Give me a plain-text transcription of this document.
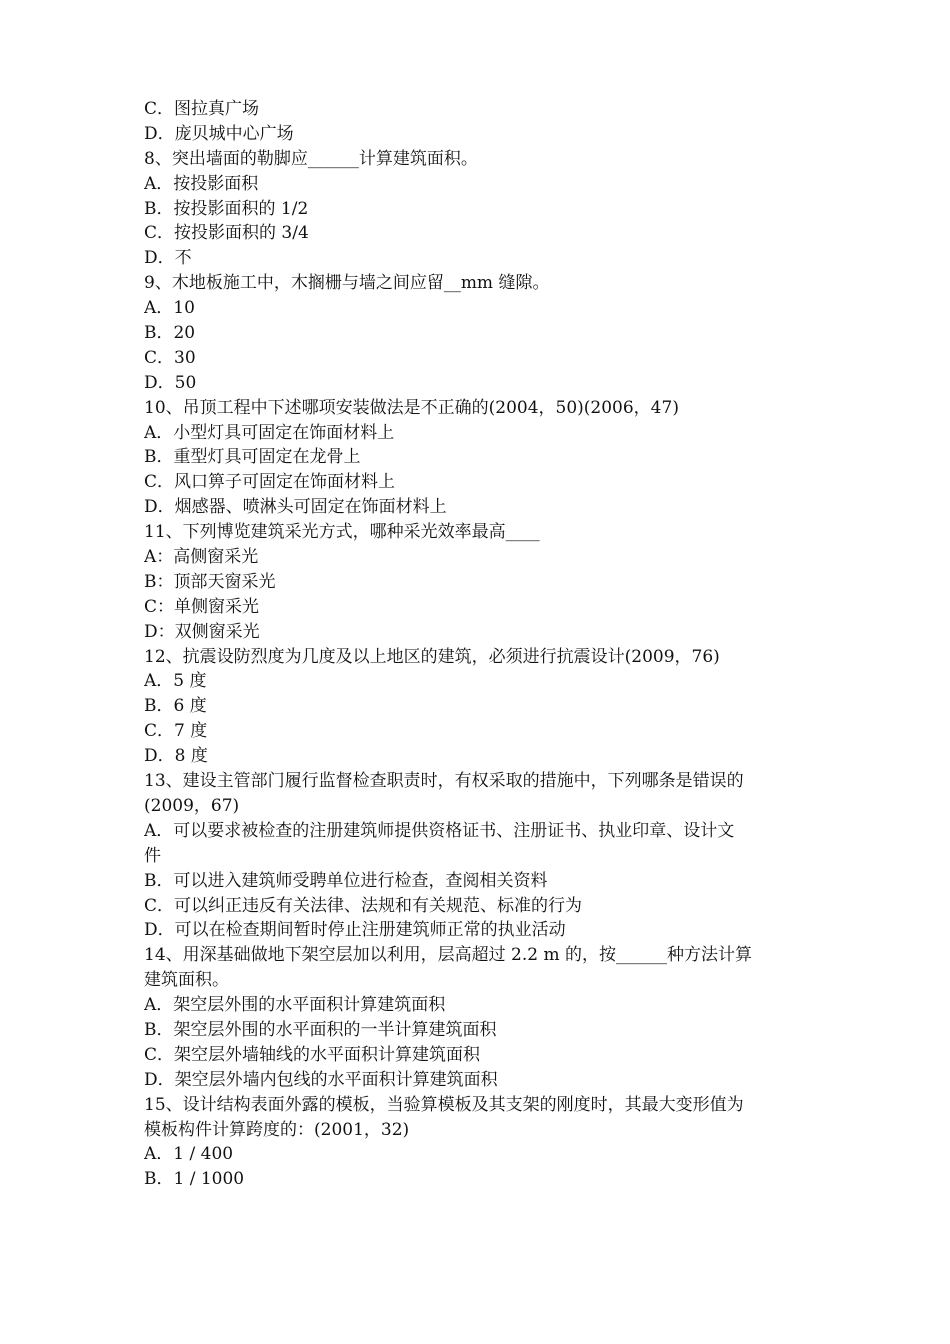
C．图拉真广场
D．庞贝城中心广场
8、突出墙面的勒脚应______计算建筑面积。
A．按投影面积
B．按投影面积的 1/2
C．按投影面积的 3/4
D．不
9、木地板施工中，木搁栅与墙之间应留__mm 缝隙。
A．10
B．20
C．30
D．50
10、吊顶工程中下述哪项安装做法是不正确的(2004，50)(2006，47)
A．小型灯具可固定在饰面材料上
B．重型灯具可固定在龙骨上
C．风口箅子可固定在饰面材料上
D．烟感器、喷淋头可固定在饰面材料上
11、下列博览建筑采光方式，哪种采光效率最高____
A：高侧窗采光
B：顶部天窗采光
C：单侧窗采光
D：双侧窗采光
12、抗震设防烈度为几度及以上地区的建筑，必须进行抗震设计(2009，76)
A．5 度
B．6 度
C．7 度
D．8 度
13、建设主管部门履行监督检查职责时，有权采取的措施中，下列哪条是错误的
(2009，67)
A．可以要求被检查的注册建筑师提供资格证书、注册证书、执业印章、设计文
件
B．可以进入建筑师受聘单位进行检查，查阅相关资料
C．可以纠正违反有关法律、法规和有关规范、标准的行为
D．可以在检查期间暂时停止注册建筑师正常的执业活动
14、用深基础做地下架空层加以利用，层高超过 2.2 m 的，按______种方法计算
建筑面积。
A．架空层外围的水平面积计算建筑面积
B．架空层外围的水平面积的一半计算建筑面积
C．架空层外墙轴线的水平面积计算建筑面积
D．架空层外墙内包线的水平面积计算建筑面积
15、设计结构表面外露的模板，当验算模板及其支架的刚度时，其最大变形值为
模板构件计算跨度的：(2001，32)
A．1 / 400
B．1 / 1000
